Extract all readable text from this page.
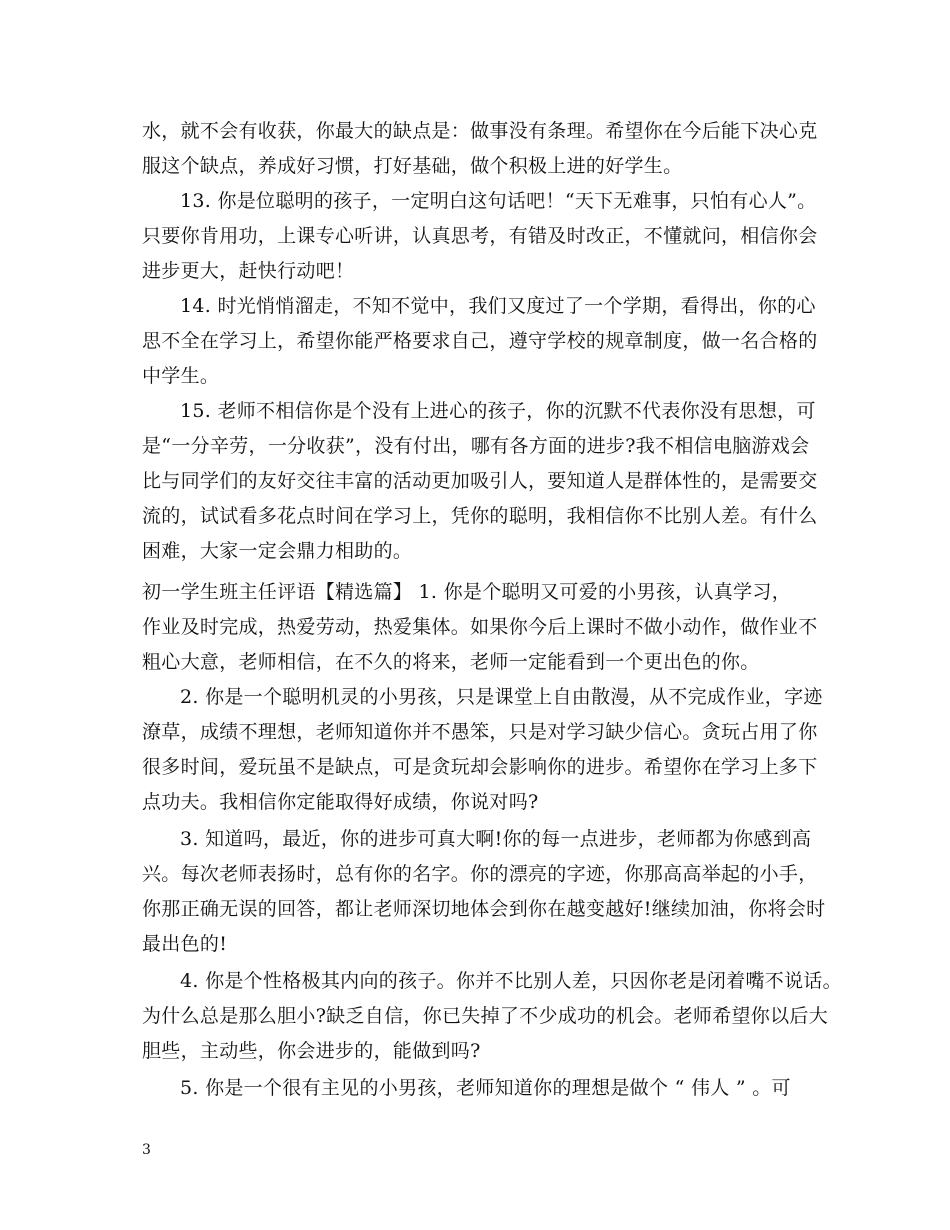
水，就不会有收获，你最大的缺点是：做事没有条理。希望你在今后能下决心克
服这个缺点，养成好习惯，打好基础，做个积极上进的好学生。
13. 你是位聪明的孩子，一定明白这句话吧！“天下无难事，只怕有心人”。
只要你肯用功，上课专心听讲，认真思考，有错及时改正，不懂就问，相信你会
进步更大，赶快行动吧！
14. 时光悄悄溜走，不知不觉中，我们又度过了一个学期，看得出，你的心
思不全在学习上，希望你能严格要求自己，遵守学校的规章制度，做一名合格的
中学生。
15. 老师不相信你是个没有上进心的孩子，你的沉默不代表你没有思想，可
是“一分辛劳，一分收获”，没有付出，哪有各方面的进步?我不相信电脑游戏会
比与同学们的友好交往丰富的活动更加吸引人，要知道人是群体性的，是需要交
流的，试试看多花点时间在学习上，凭你的聪明，我相信你不比别人差。有什么
困难，大家一定会鼎力相助的。
初一学生班主任评语【精选篇】 1. 你是个聪明又可爱的小男孩，认真学习，
作业及时完成，热爱劳动，热爱集体。如果你今后上课时不做小动作，做作业不
粗心大意，老师相信，在不久的将来，老师一定能看到一个更出色的你。
2. 你是一个聪明机灵的小男孩，只是课堂上自由散漫，从不完成作业，字迹
潦草，成绩不理想，老师知道你并不愚笨，只是对学习缺少信心。贪玩占用了你
很多时间，爱玩虽不是缺点，可是贪玩却会影响你的进步。希望你在学习上多下
点功夫。我相信你定能取得好成绩，你说对吗?
3. 知道吗，最近，你的进步可真大啊!你的每一点进步，老师都为你感到高
兴。每次老师表扬时，总有你的名字。你的漂亮的字迹，你那高高举起的小手，
你那正确无误的回答，都让老师深切地体会到你在越变越好!继续加油，你将会时
最出色的!
4. 你是个性格极其内向的孩子。你并不比别人差，只因你老是闭着嘴不说话。
为什么总是那么胆小?缺乏自信，你已失掉了不少成功的机会。老师希望你以后大
胆些，主动些，你会进步的，能做到吗?
5. 你是一个很有主见的小男孩，老师知道你的理想是做个 “ 伟人 ” 。可
3
